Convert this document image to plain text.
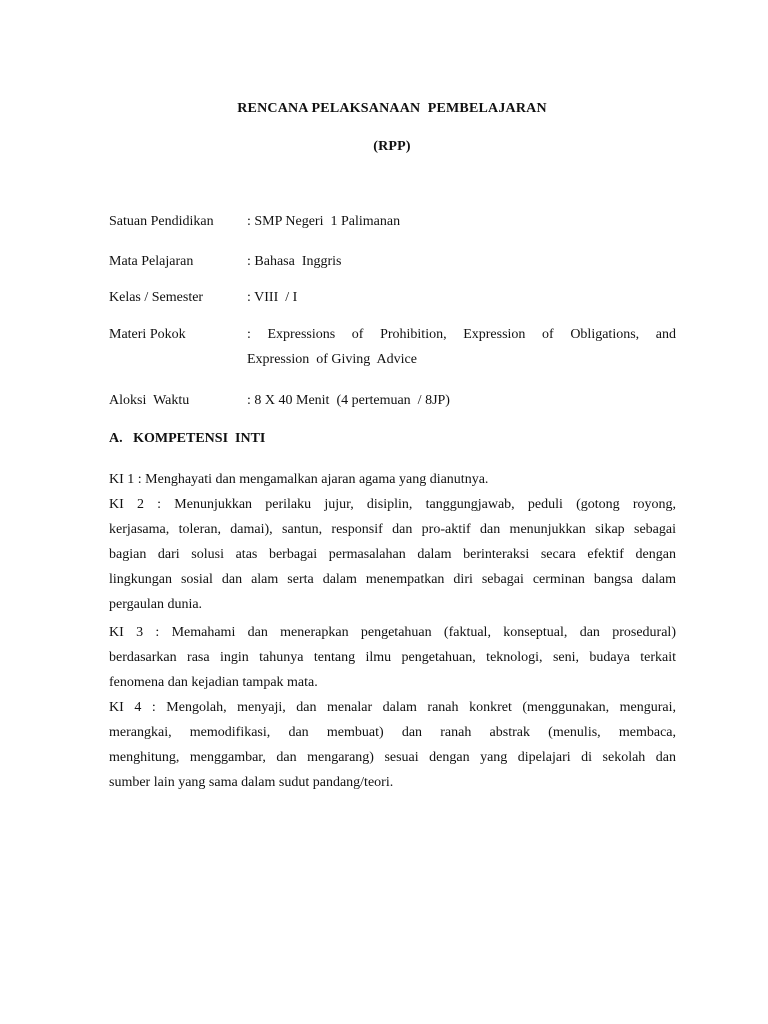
RENCANA PELAKSANAAN  PEMBELAJARAN
(RPP)
Satuan Pendidikan : SMP Negeri  1 Palimanan
Mata Pelajaran	: Bahasa  Inggris
Kelas / Semester	: VIII  / I
Materi Pokok	: Expressions of Prohibition, Expression of Obligations, and
Expression  of Giving  Advice
Aloksi  Waktu	: 8 X 40 Menit  (4 pertemuan  / 8JP)
A.   KOMPETENSI  INTI
KI 1 : Menghayati dan mengamalkan ajaran agama yang dianutnya.
KI 2 : Menunjukkan perilaku jujur, disiplin, tanggungjawab, peduli (gotong royong,
kerjasama, toleran, damai), santun, responsif dan pro-aktif dan menunjukkan sikap sebagai
bagian dari solusi atas berbagai permasalahan dalam berinteraksi secara efektif dengan
lingkungan sosial dan alam serta dalam menempatkan diri sebagai cerminan bangsa dalam
pergaulan dunia.
KI 3 : Memahami dan menerapkan pengetahuan (faktual, konseptual, dan prosedural)
berdasarkan rasa ingin tahunya tentang ilmu pengetahuan, teknologi, seni, budaya terkait
fenomena dan kejadian tampak mata.
KI 4 : Mengolah, menyaji, dan menalar dalam ranah konkret (menggunakan, mengurai,
merangkai, memodifikasi, dan membuat) dan ranah abstrak (menulis, membaca,
menghitung, menggambar, dan mengarang) sesuai dengan yang dipelajari di sekolah dan
sumber lain yang sama dalam sudut pandang/teori.
